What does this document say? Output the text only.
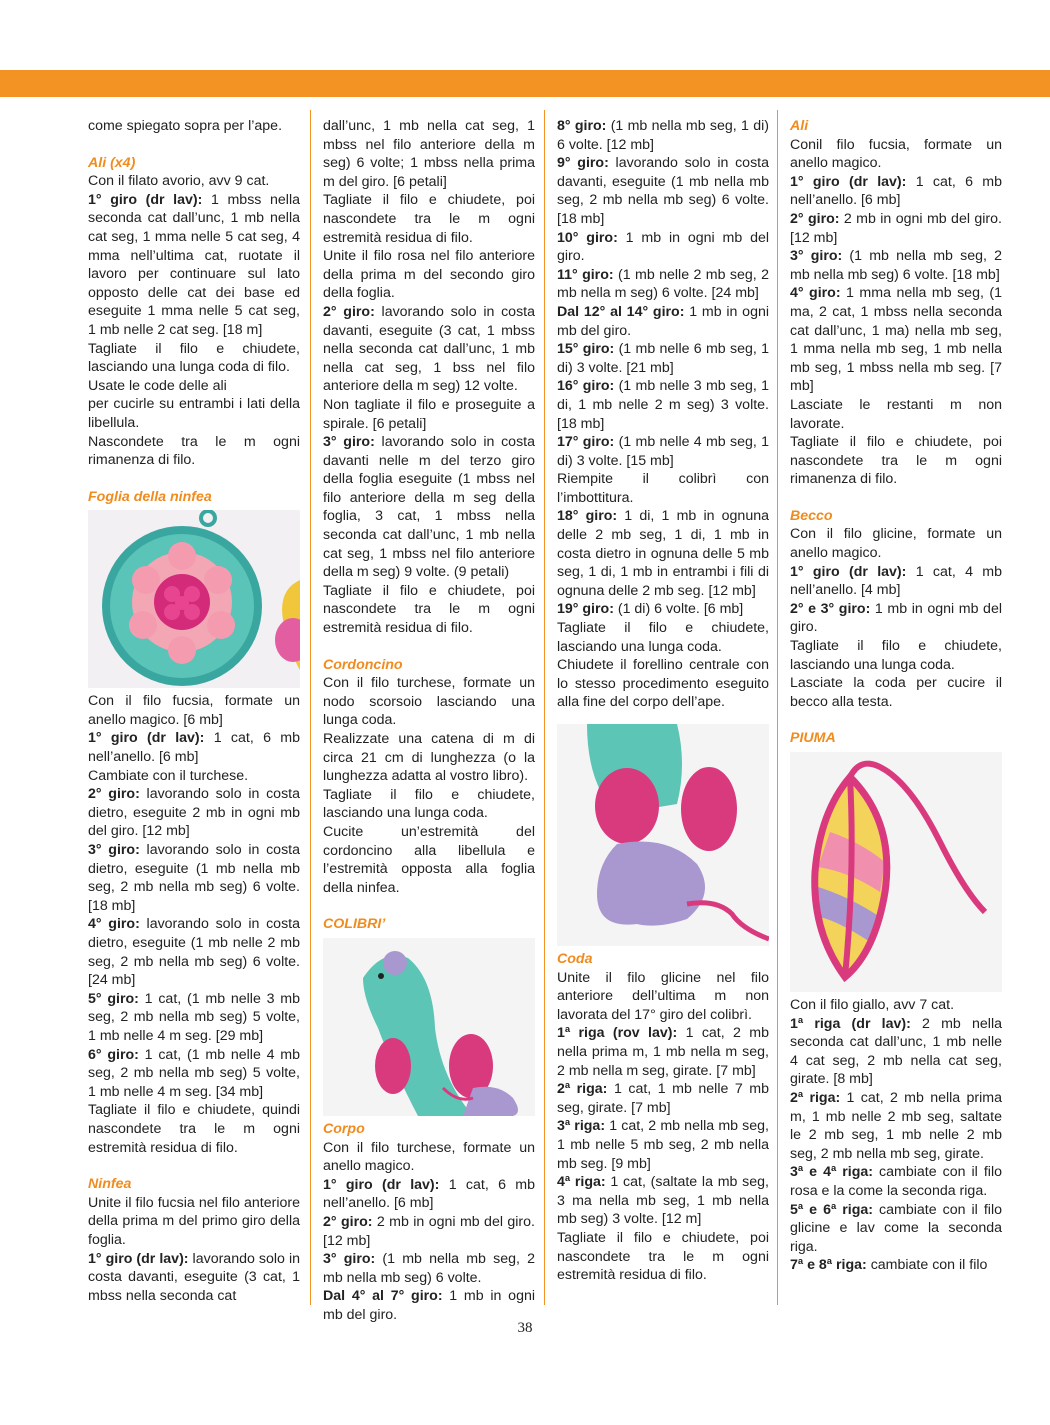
come spiegato sopra per l’ape.

Ali (x4)

Con il filato avorio, avv 9 cat.

1° giro (dr lav): 1 mbss nella seconda cat dall’unc, 1 mb nella cat seg, 1 mma nelle 5 cat seg, 4 mma nell’ultima cat, ruotate il lavoro per continuare sul lato opposto delle cat dei base ed eseguite 1 mma nelle 5 cat seg, 1 mb nelle 2 cat seg. [18 m]

Tagliate il filo e chiudete, lasciando una lunga coda di filo.

Usate le code delle ali

per cucirle su entrambi i lati della libellula.

Nascondete tra le m ogni rimanenza di filo.

Foglia della ninfea

Con il filo fucsia, formate un anello magico. [6 mb]

1° giro (dr lav): 1 cat, 6 mb nell’anello. [6 mb]

Cambiate con il turchese.

2° giro: lavorando solo in costa dietro, eseguite 2 mb in ogni mb del giro. [12 mb]

3° giro: lavorando solo in costa dietro, eseguite (1 mb nella mb seg, 2 mb nella mb seg) 6 volte. [18 mb]

4° giro: lavorando solo in costa dietro, eseguite (1 mb nelle 2 mb seg, 2 mb nella mb seg) 6 volte. [24 mb]

5° giro: 1 cat, (1 mb nelle 3 mb seg, 2 mb nella mb seg) 5 volte, 1 mb nelle 4 m seg. [29 mb]

6° giro: 1 cat, (1 mb nelle 4 mb seg, 2 mb nella mb seg) 5 volte, 1 mb nelle 4 m seg. [34 mb]

Tagliate il filo e chiudete, quindi nascondete tra le m ogni estremità residua di filo.

Ninfea

Unite il filo fucsia nel filo anteriore della prima m del primo giro della foglia.

1° giro (dr lav): lavorando solo in costa davanti, eseguite (3 cat, 1 mbss nella seconda cat

dall’unc, 1 mb nella cat seg, 1 mbss nel filo anteriore della m seg) 6 volte; 1 mbss nella prima m del giro. [6 petali]

Tagliate il filo e chiudete, poi nascondete tra le m ogni estremità residua di filo.

Unite il filo rosa nel filo anteriore della prima m del secondo giro della foglia.

2° giro: lavorando solo in costa davanti, eseguite (3 cat, 1 mbss nella seconda cat dall’unc, 1 mb nella cat seg, 1 bss nel filo anteriore della m seg) 12 volte.

Non tagliate il filo e proseguite a spirale. [6 petali]

3° giro: lavorando solo in costa davanti nelle m del terzo giro della foglia eseguite (1 mbss nel filo anteriore della m seg della foglia, 3 cat, 1 mbss nella seconda cat dall’unc, 1 mb nella cat seg, 1 mbss nel filo anteriore della m seg) 9 volte. (9 petali)

Tagliate il filo e chiudete, poi nascondete tra le m ogni estremità residua di filo.

Cordoncino

Con il filo turchese, formate un nodo scorsoio lasciando una lunga coda.

Realizzate una catena di m di circa 21 cm di lunghezza (o la lunghezza adatta al vostro libro).

Tagliate il filo e chiudete, lasciando una lunga coda.

Cucite un’estremità del cordoncino alla libellula e l’estremità opposta alla foglia della ninfea.

COLIBRI’

Corpo

Con il filo turchese, formate un anello magico.

1° giro (dr lav): 1 cat, 6 mb nell’anello. [6 mb]

2° giro: 2 mb in ogni mb del giro. [12 mb]

3° giro: (1 mb nella mb seg, 2 mb nella mb seg) 6 volte.

Dal 4° al 7° giro: 1 mb in ogni mb del giro.

8° giro: (1 mb nella mb seg, 1 di) 6 volte. [12 mb]

9° giro: lavorando solo in costa davanti, eseguite (1 mb nella mb seg, 2 mb nella mb seg) 6 volte. [18 mb]

10° giro: 1 mb in ogni mb del giro.

11° giro: (1 mb nelle 2 mb seg, 2 mb nella m seg) 6 volte. [24 mb]

Dal 12° al 14° giro: 1 mb in ogni mb del giro.

15° giro: (1 mb nelle 6 mb seg, 1 di) 3 volte. [21 mb]

16° giro: (1 mb nelle 3 mb seg, 1 di, 1 mb nelle 2 m seg) 3 volte. [18 mb]

17° giro: (1 mb nelle 4 mb seg, 1 di) 3 volte. [15 mb]

Riempite il colibrì con l’imbottitura.

18° giro: 1 di, 1 mb in ognuna delle 2 mb seg, 1 di, 1 mb in costa dietro in ognuna delle 5 mb seg, 1 di, 1 mb in entrambi i fili di ognuna delle 2 mb seg. [12 mb]

19° giro: (1 di) 6 volte. [6 mb]

Tagliate il filo e chiudete, lasciando una lunga coda.

Chiudete il forellino centrale con lo stesso procedimento eseguito alla fine del corpo dell’ape.

Coda

Unite il filo glicine nel filo anteriore dell’ultima m non lavorata del 17° giro del colibrì.

1ª riga (rov lav): 1 cat, 2 mb nella prima m, 1 mb nella m seg, 2 mb nella m seg, girate. [7 mb]

2ª riga: 1 cat, 1 mb nelle 7 mb seg, girate. [7 mb]

3ª riga: 1 cat, 2 mb nella mb seg, 1 mb nelle 5 mb seg, 2 mb nella mb seg. [9 mb]

4ª riga: 1 cat, (saltate la mb seg, 3 ma nella mb seg, 1 mb nella mb seg) 3 volte. [12 m]

Tagliate il filo e chiudete, poi nascondete tra le m ogni estremità residua di filo.

Ali

Conil filo fucsia, formate un anello magico.

1° giro (dr lav): 1 cat, 6 mb nell’anello. [6 mb]

2° giro: 2 mb in ogni mb del giro. [12 mb]

3° giro: (1 mb nella mb seg, 2 mb nella mb seg) 6 volte. [18 mb]

4° giro: 1 mma nella mb seg, (1 ma, 2 cat, 1 mbss nella seconda cat dall’unc, 1 ma) nella mb seg, 1 mma nella mb seg, 1 mb nella mb seg, 1 mbss nella mb seg. [7 mb]

Lasciate le restanti m non lavorate.

Tagliate il filo e chiudete, poi nascondete tra le m ogni rimanenza di filo.

Becco

Con il filo glicine, formate un anello magico.

1° giro (dr lav): 1 cat, 4 mb nell’anello. [4 mb]

2° e 3° giro: 1 mb in ogni mb del giro.

Tagliate il filo e chiudete, lasciando una lunga coda.

Lasciate la coda per cucire il becco alla testa.

PIUMA

Con il filo giallo, avv 7 cat.

1ª riga (dr lav): 2 mb nella seconda cat dall’unc, 1 mb nelle 4 cat seg, 2 mb nella cat seg, girate. [8 mb]

2ª riga: 1 cat, 2 mb nella prima m, 1 mb nelle 2 mb seg, saltate le 2 mb seg, 1 mb nelle 2 mb seg, 2 mb nella mb seg, girate.

3ª e 4ª riga: cambiate con il filo rosa e la come la seconda riga.

5ª e 6ª riga: cambiate con il filo glicine e lav come la seconda riga.

7ª e 8ª riga: cambiate con il filo

38
